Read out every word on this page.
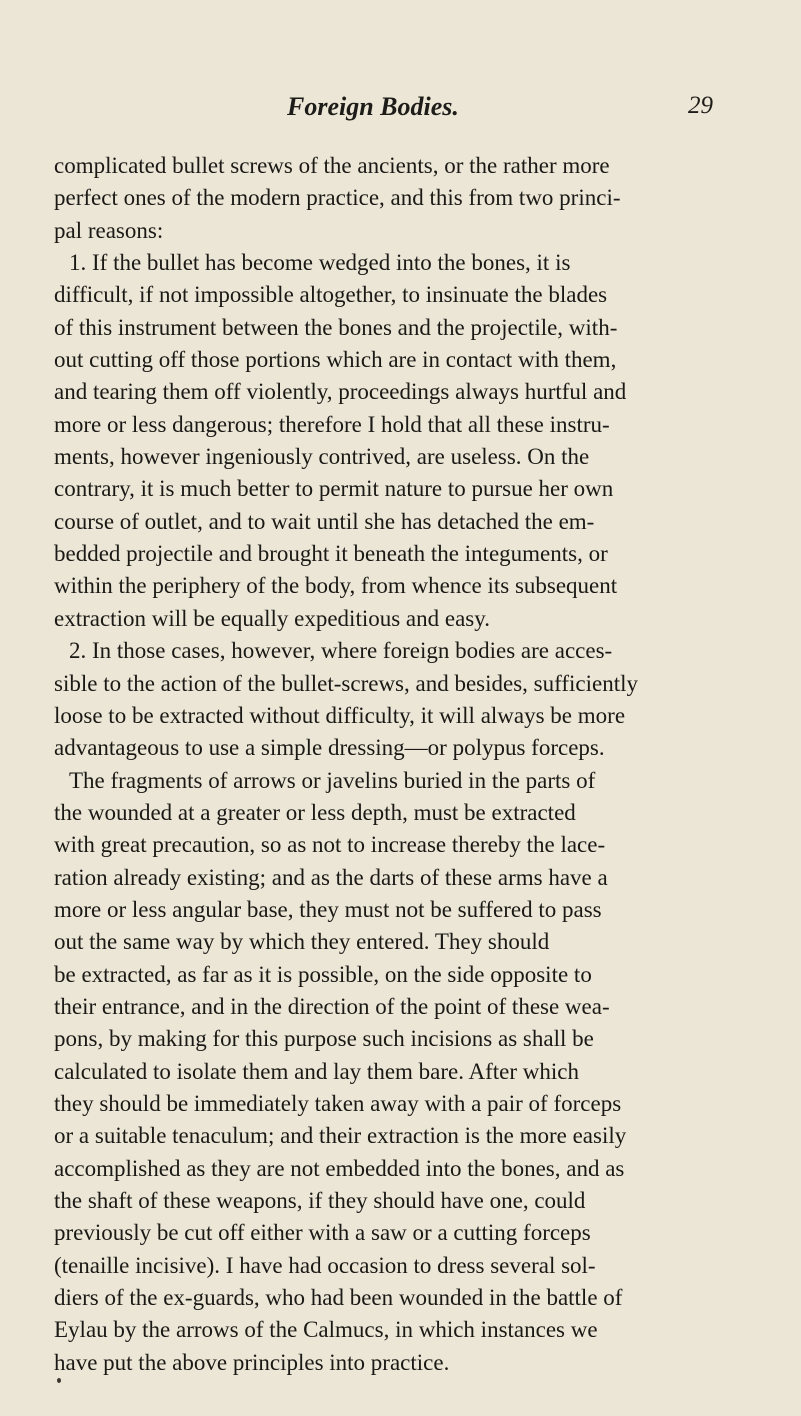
Foreign Bodies.	29
complicated bullet screws of the ancients, or the rather more
perfect ones of the modern practice, and this from two princi-
pal reasons:
1. If the bullet has become wedged into the bones, it is
difficult, if not impossible altogether, to insinuate the blades
of this instrument between the bones and the projectile, with-
out cutting off those portions which are in contact with them,
and tearing them off violently, proceedings always hurtful and
more or less dangerous; therefore I hold that all these instru-
ments, however ingeniously contrived, are useless. On the
contrary, it is much better to permit nature to pursue her own
course of outlet, and to wait until she has detached the em-
bedded projectile and brought it beneath the integuments, or
within the periphery of the body, from whence its subsequent
extraction will be equally expeditious and easy.
2. In those cases, however, where foreign bodies are acces-
sible to the action of the bullet-screws, and besides, sufficiently
loose to be extracted without difficulty, it will always be more
advantageous to use a simple dressing—or polypus forceps.
The fragments of arrows or javelins buried in the parts of
the wounded at a greater or less depth, must be extracted
with great precaution, so as not to increase thereby the lace-
ration already existing; and as the darts of these arms have a
more or less angular base, they must not be suffered to pass
out the same way by which they entered. They should
be extracted, as far as it is possible, on the side opposite to
their entrance, and in the direction of the point of these wea-
pons, by making for this purpose such incisions as shall be
calculated to isolate them and lay them bare. After which
they should be immediately taken away with a pair of forceps
or a suitable tenaculum; and their extraction is the more easily
accomplished as they are not embedded into the bones, and as
the shaft of these weapons, if they should have one, could
previously be cut off either with a saw or a cutting forceps
(tenaille incisive). I have had occasion to dress several sol-
diers of the ex-guards, who had been wounded in the battle of
Eylau by the arrows of the Calmucs, in which instances we
have put the above principles into practice.
